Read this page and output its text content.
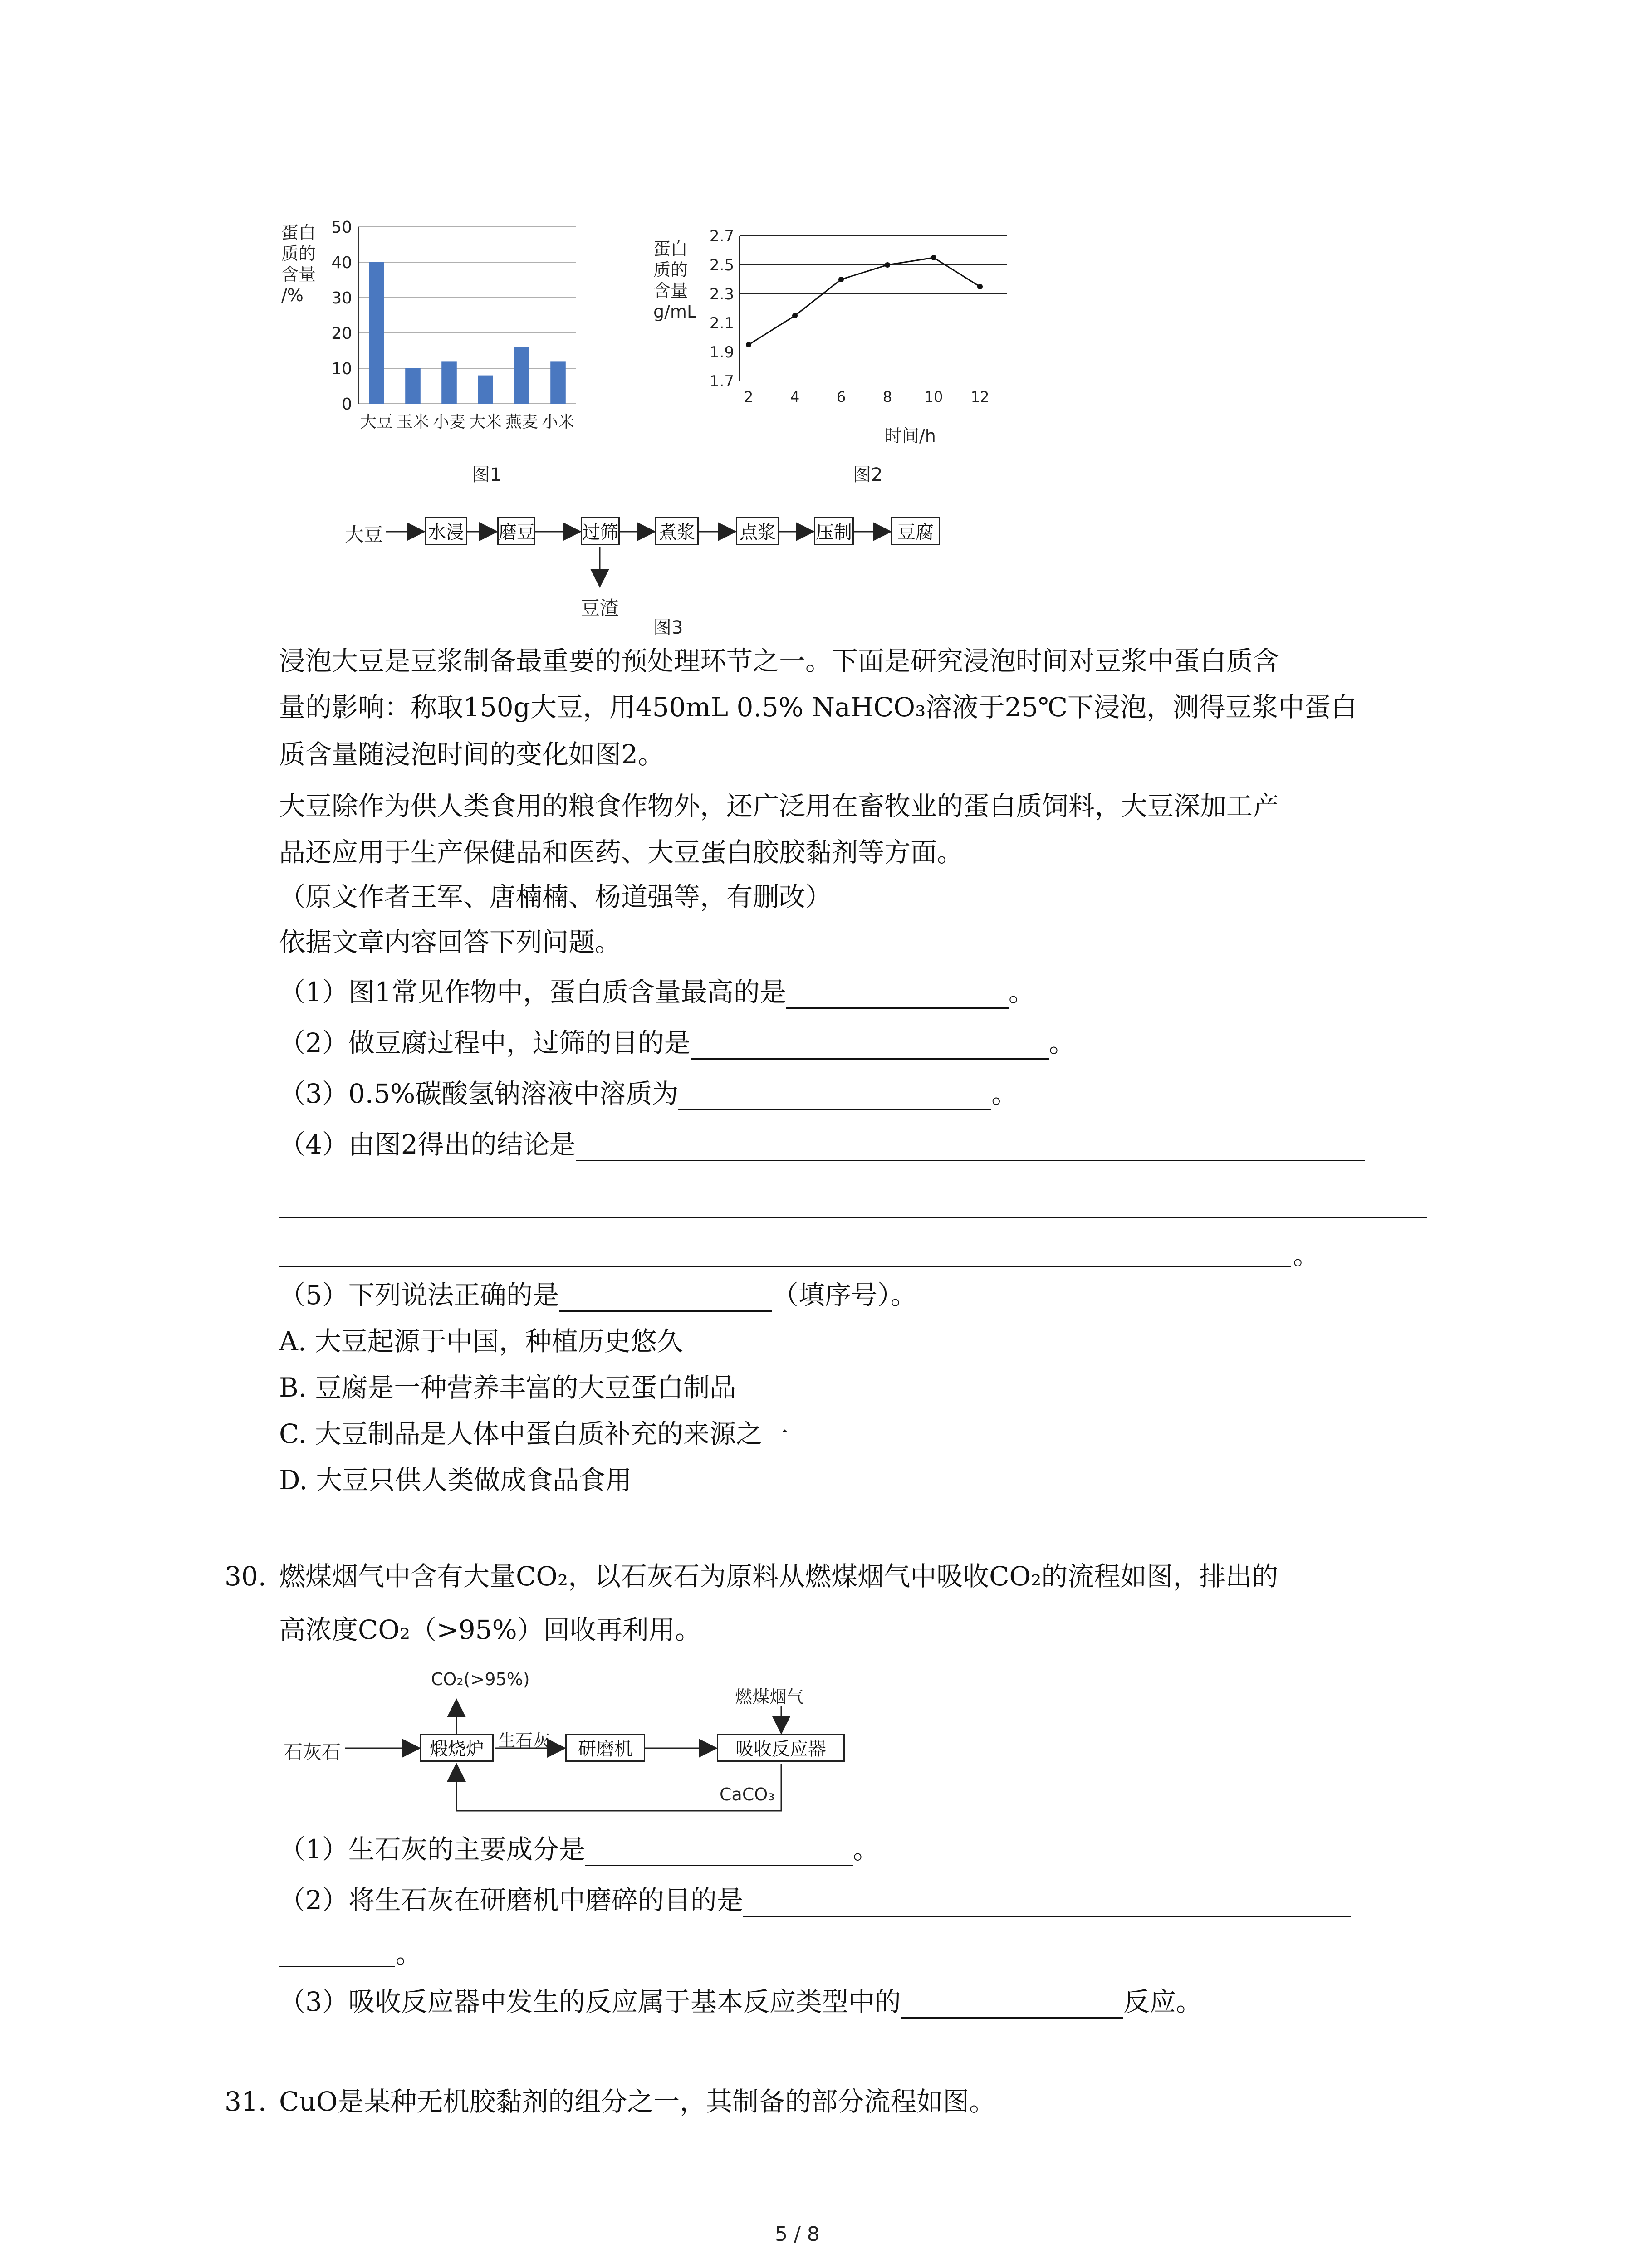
蛋白
质的
含量
/%
0
10
20
30
40
50
大豆 玉米 小麦 大米 燕麦 小米
图1
蛋白
质的
含量
g/mL
1.7
1.9
2.1
2.3
2.5
2.7
2	4	6	8 10 12
时间/h
图2
大豆 水浸 磨豆	过筛 煮浆 点浆 压制	豆腐
豆渣
图3
浸泡大豆是豆浆制备最重要的预处理环节之一。下面是研究浸泡时间对豆浆中蛋白质含
量的影响：称取150g大豆，用450mL 0.5% NaHCO₃溶液于25℃下浸泡，测得豆浆中蛋白
质含量随浸泡时间的变化如图2。
大豆除作为供人类食用的粮食作物外，还广泛用在畜牧业的蛋白质饲料，大豆深加工产
品还应用于生产保健品和医药、大豆蛋白胶胶黏剂等方面。
（原文作者王军、唐楠楠、杨道强等，有删改）
依据文章内容回答下列问题。
（1）图1常见作物中，蛋白质含量最高的是	。
（2）做豆腐过程中，过筛的目的是	。
（3）0.5%碳酸氢钠溶液中溶质为	。
（4）由图2得出的结论是
。
（5）下列说法正确的是	（填序号）。
A. 大豆起源于中国，种植历史悠久
B. 豆腐是一种营养丰富的大豆蛋白制品
C. 大豆制品是人体中蛋白质补充的来源之一
D. 大豆只供人类做成食品食用
30. 燃煤烟气中含有大量CO₂，以石灰石为原料从燃煤烟气中吸收CO₂的流程如图，排出的
高浓度CO₂（>95%）回收再利用。
CO₂(>95%)
燃煤烟气
石灰石	煅烧炉 生石灰	研磨机	吸收反应器
CaCO₃
（1）生石灰的主要成分是	。
（2）将生石灰在研磨机中磨碎的目的是
。
（3）吸收反应器中发生的反应属于基本反应类型中的	反应。
31. CuO是某种无机胶黏剂的组分之一，其制备的部分流程如图。
5 / 8
